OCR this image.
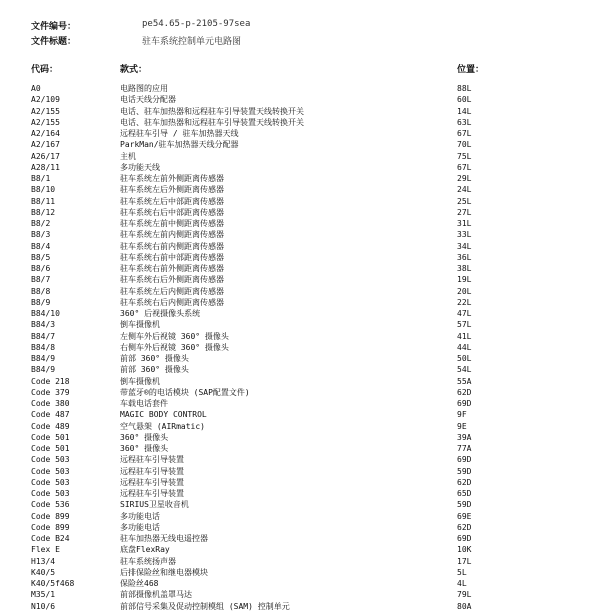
文件编号：	pe54.65-p-2105-97sea
文件标题：	驻车系统控制单元电路图
代码：	款式：	位置：
A0	电路图的应用	88L
A2/109	电话天线分配器	60L
A2/155	电话、驻车加热器和远程驻车引导装置天线转换开关	14L
A2/155	电话、驻车加热器和远程驻车引导装置天线转换开关	63L
A2/164	远程驻车引导 / 驻车加热器天线	67L
A2/167	ParkMan/驻车加热器天线分配器	70L
A26/17	主机	75L
A28/11	多功能天线	67L
B8/1	驻车系统左前外侧距离传感器	29L
B8/10	驻车系统左后外侧距离传感器	24L
B8/11	驻车系统左后中部距离传感器	25L
B8/12	驻车系统右后中部距离传感器	27L
B8/2	驻车系统左前中侧距离传感器	31L
B8/3	驻车系统左前内侧距离传感器	33L
B8/4	驻车系统右前内侧距离传感器	34L
B8/5	驻车系统右前中部距离传感器	36L
B8/6	驻车系统右前外侧距离传感器	38L
B8/7	驻车系统右后外侧距离传感器	19L
B8/8	驻车系统左后内侧距离传感器	20L
B8/9	驻车系统右后内侧距离传感器	22L
B84/10	360° 后视摄像头系统	47L
B84/3	倒车摄像机	57L
B84/7	左侧车外后视镜 360° 摄像头	41L
B84/8	右侧车外后视镜 360° 摄像头	44L
B84/9	前部 360° 摄像头	50L
B84/9	前部 360° 摄像头	54L
Code 218	倒车摄像机	55A
Code 379	带蓝牙®的电话模块 (SAP配置文件)	62D
Code 380	车载电话套件	69D
Code 487	MAGIC BODY CONTROL	9F
Code 489	空气悬架 (AIRmatic)	9E
Code 501	360° 摄像头	39A
Code 501	360° 摄像头	77A
Code 503	远程驻车引导装置	69D
Code 503	远程驻车引导装置	59D
Code 503	远程驻车引导装置	62D
Code 503	远程驻车引导装置	65D
Code 536	SIRIUS卫星收音机	59D
Code 899	多功能电话	69E
Code 899	多功能电话	62D
Code B24	驻车加热器无线电遥控器	69D
Flex E	底盘FlexRay	10K
H13/4	驻车系统扬声器	17L
K40/5	后排保险丝和继电器模块	5L
K40/5f468	保险丝468	4L
M35/1	前部摄像机盖罩马达	79L
N10/6	前部信号采集及促动控制模组 (SAM) 控制单元	80A
